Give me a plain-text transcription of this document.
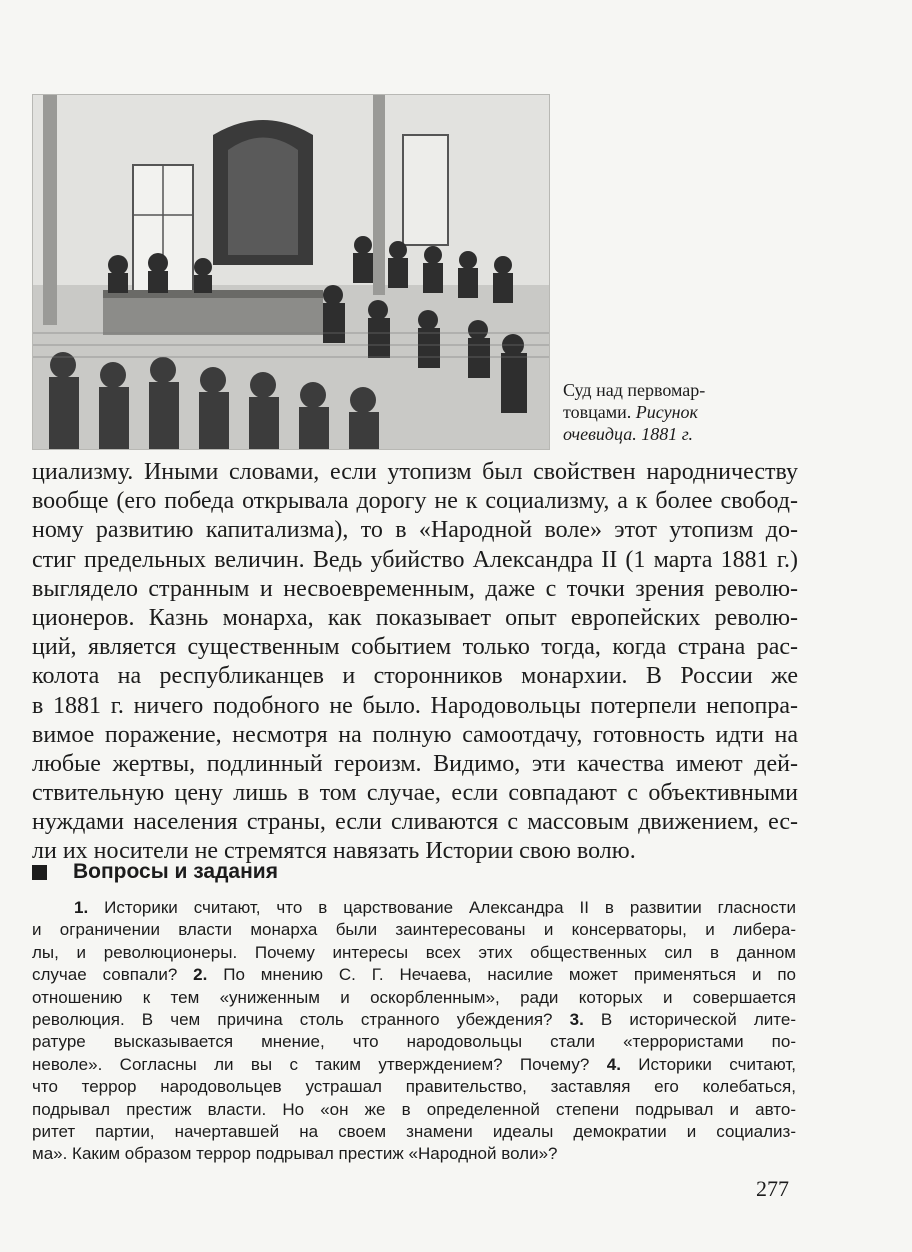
Суд над первомар-
товцами. Рисунок
очевидца. 1881 г.
циализму. Иными словами, если утопизм был свойствен народничеству
вообще (его победа открывала дорогу не к социализму, а к более свобод-
ному развитию капитализма), то в «Народной воле» этот утопизм до-
стиг предельных величин. Ведь убийство Александра II (1 марта 1881 г.)
выглядело странным и несвоевременным, даже с точки зрения револю-
ционеров. Казнь монарха, как показывает опыт европейских револю-
ций, является существенным событием только тогда, когда страна рас-
колота на республиканцев и сторонников монархии. В России же
в 1881 г. ничего подобного не было. Народовольцы потерпели непопра-
вимое поражение, несмотря на полную самоотдачу, готовность идти на
любые жертвы, подлинный героизм. Видимо, эти качества имеют дей-
ствительную цену лишь в том случае, если совпадают с объективными
нуждами населения страны, если сливаются с массовым движением, ес-
ли их носители не стремятся навязать Истории свою волю.
Вопросы и задания
1. Историки считают, что в царствование Александра II в развитии гласности
и ограничении власти монарха были заинтересованы и консерваторы, и либера-
лы, и революционеры. Почему интересы всех этих общественных сил в данном
случае совпали? 2. По мнению С. Г. Нечаева, насилие может применяться и по
отношению к тем «униженным и оскорбленным», ради которых и совершается
революция. В чем причина столь странного убеждения? 3. В исторической лите-
ратуре высказывается мнение, что народовольцы стали «террористами по-
неволе». Согласны ли вы с таким утверждением? Почему? 4. Историки считают,
что террор народовольцев устрашал правительство, заставляя его колебаться,
подрывал престиж власти. Но «он же в определенной степени подрывал и авто-
ритет партии, начертавшей на своем знамени идеалы демократии и социализ-
ма». Каким образом террор подрывал престиж «Народной воли»?
277
